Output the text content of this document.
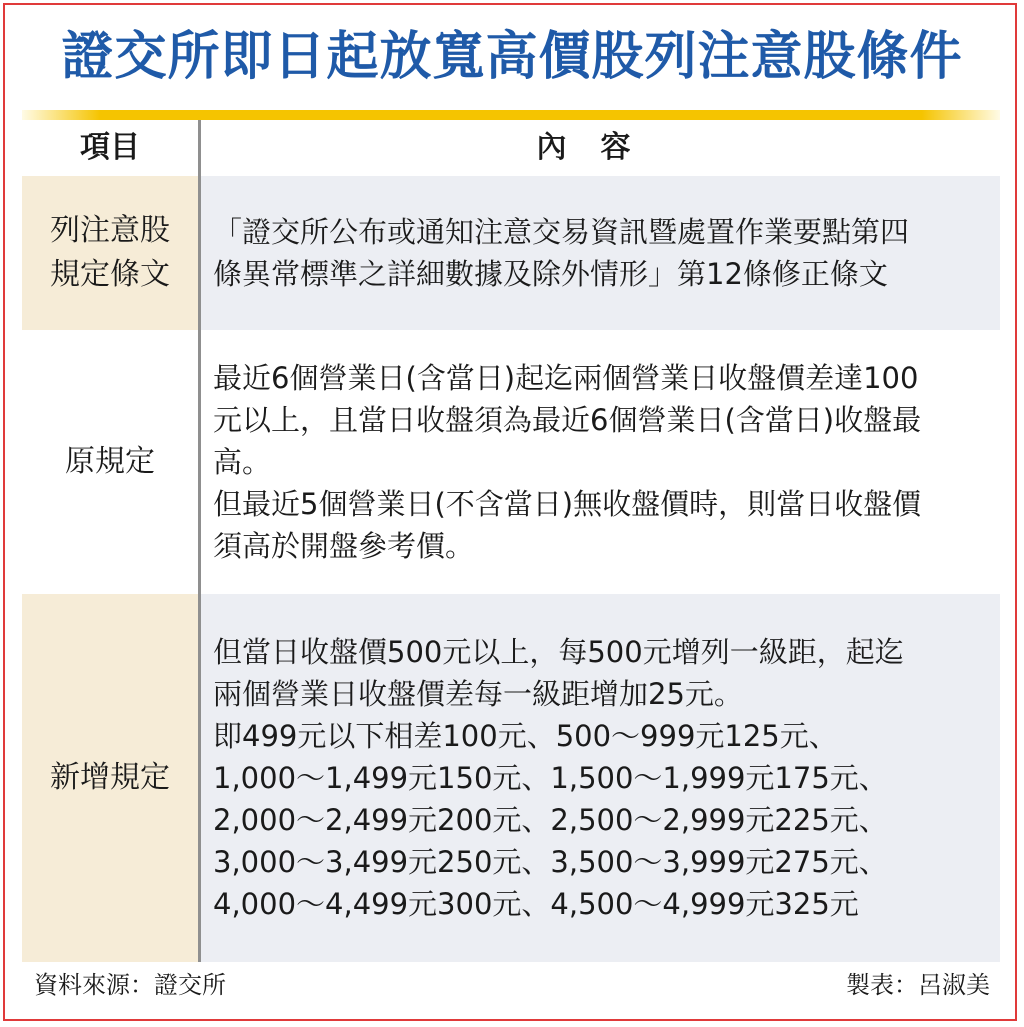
證交所即日起放寬高價股列注意股條件
項目	內容
列注意股
規定條文

「證交所公布或通知注意交易資訊暨處置作業要點第四

條異常標準之詳細數據及除外情形」第12條修正條文

原規定

最近6個營業日(含當日)起迄兩個營業日收盤價差達100

元以上，且當日收盤須為最近6個營業日(含當日)收盤最

高。

但最近5個營業日(不含當日)無收盤價時，則當日收盤價

須高於開盤參考價。

新增規定

但當日收盤價500元以上，每500元增列一級距，起迄

兩個營業日收盤價差每一級距增加25元。

即499元以下相差100元、500～999元125元、

1,000～1,499元150元、1,500～1,999元175元、

2,000～2,499元200元、2,500～2,999元225元、

3,000～3,499元250元、3,500～3,999元275元、

4,000～4,499元300元、4,500～4,999元325元

資料來源：證交所	製表：呂淑美
